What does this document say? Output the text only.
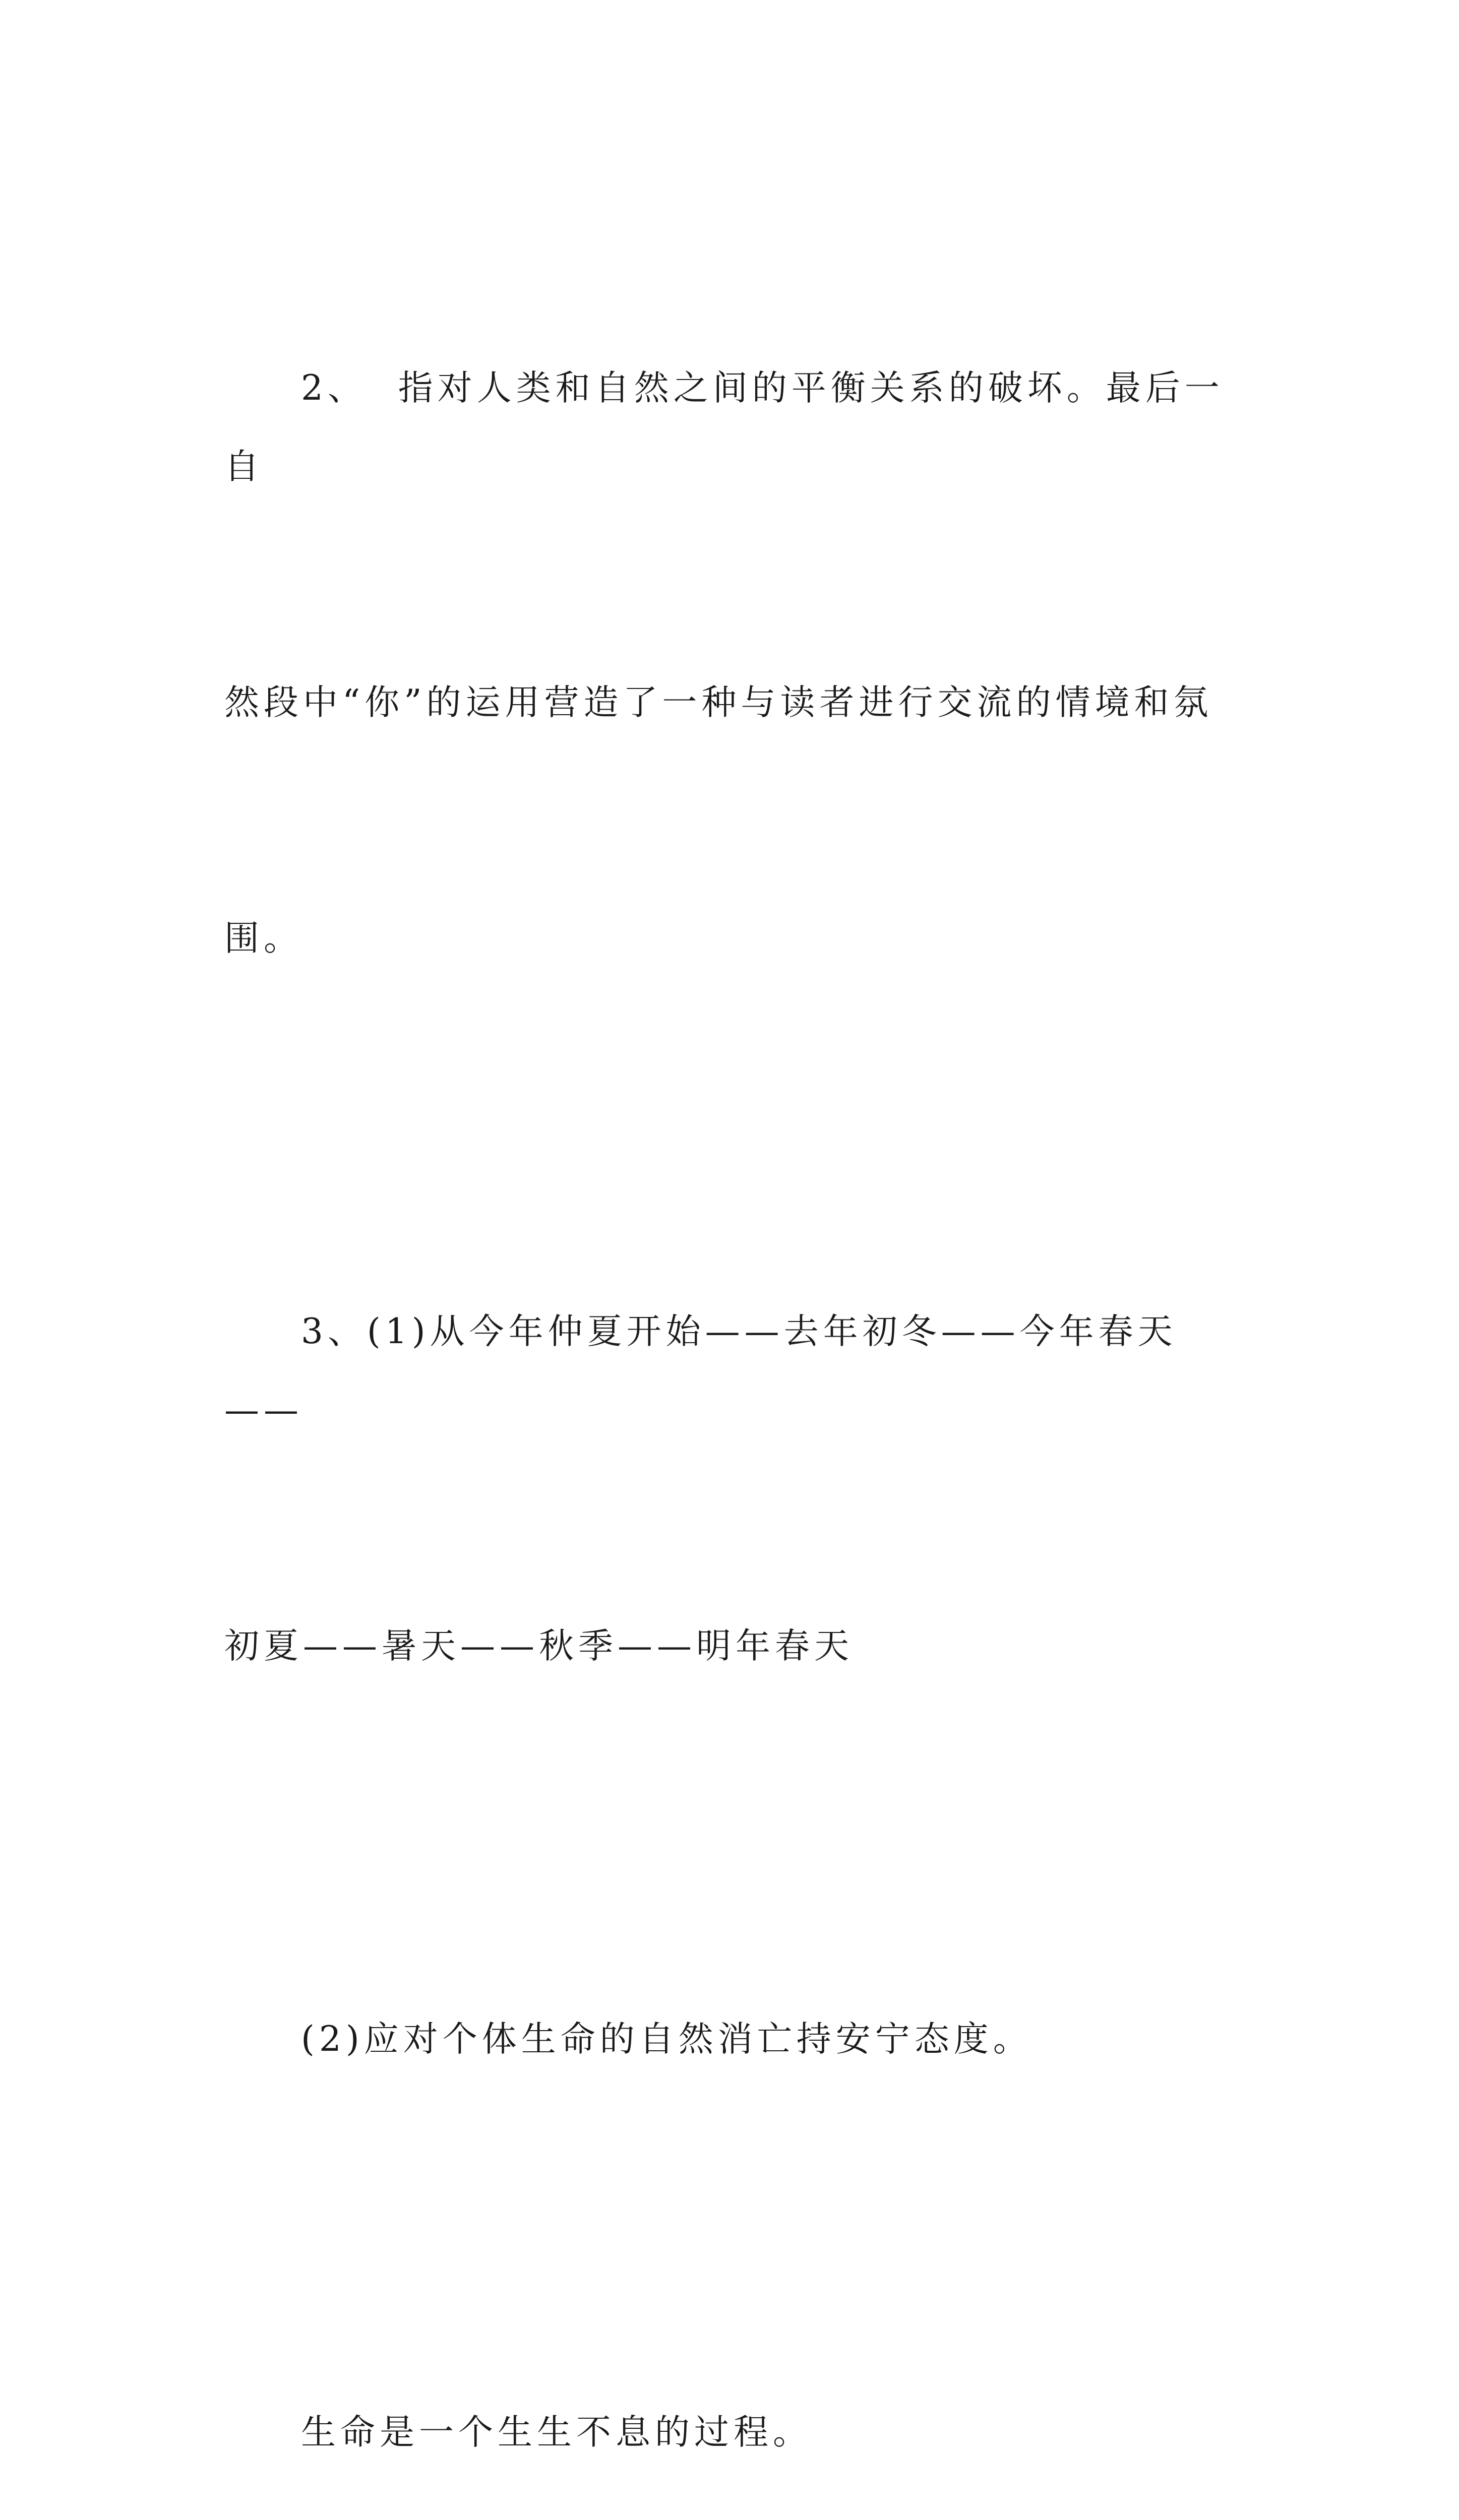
2、  指对人类和自然之间的平衡关系的破坏。最后一自

然段中“你”的运用营造了一种与读者进行交流的情境和氛

围。

3、(1)从今年仲夏开始——去年初冬——今年春天——

初夏——暑天——秋季——明年春天

(2)应对个体生命的自然消亡持安宁态度。

生命是一个生生不息的过程。
